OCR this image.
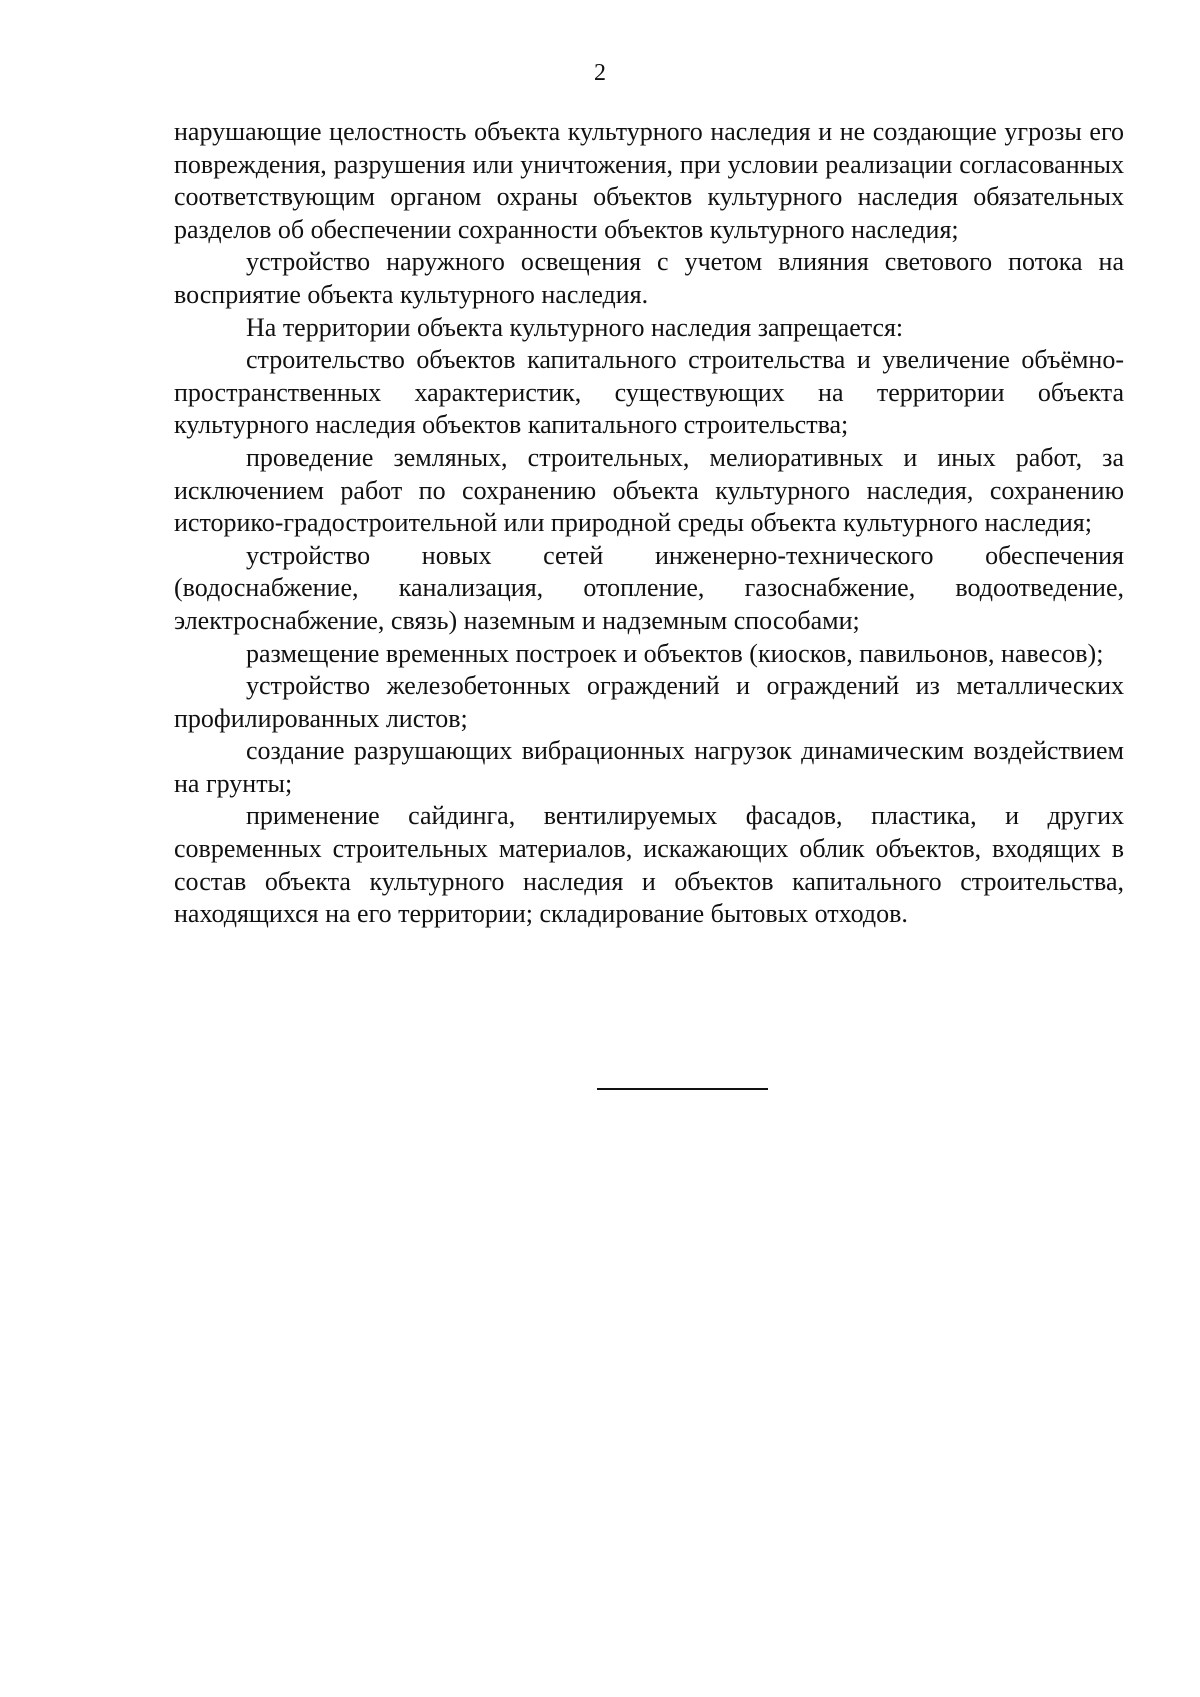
2

нарушающие целостность объекта культурного наследия и не создающие угрозы его повреждения, разрушения или уничтожения, при условии реализации согласованных соответствующим органом охраны объектов культурного наследия обязательных разделов об обеспечении сохранности объектов культурного наследия;

устройство наружного освещения с учетом влияния светового потока на восприятие объекта культурного наследия.

На территории объекта культурного наследия запрещается:

строительство объектов капитального строительства и увеличение объёмно-пространственных характеристик, существующих на территории объекта культурного наследия объектов капитального строительства;

проведение земляных, строительных, мелиоративных и иных работ, за исключением работ по сохранению объекта культурного наследия, сохранению историко-градостроительной или природной среды объекта культурного наследия;

устройство новых сетей инженерно-технического обеспечения (водоснабжение, канализация, отопление, газоснабжение, водоотведение, электроснабжение, связь) наземным и надземным способами;

размещение временных построек и объектов (киосков, павильонов, навесов);

устройство железобетонных ограждений и ограждений из металлических профилированных листов;

создание разрушающих вибрационных нагрузок динамическим воздействием на грунты;

применение сайдинга, вентилируемых фасадов, пластика, и других современных строительных материалов, искажающих облик объектов, входящих в состав объекта культурного наследия и объектов капитального строительства, находящихся на его территории; складирование бытовых отходов.
